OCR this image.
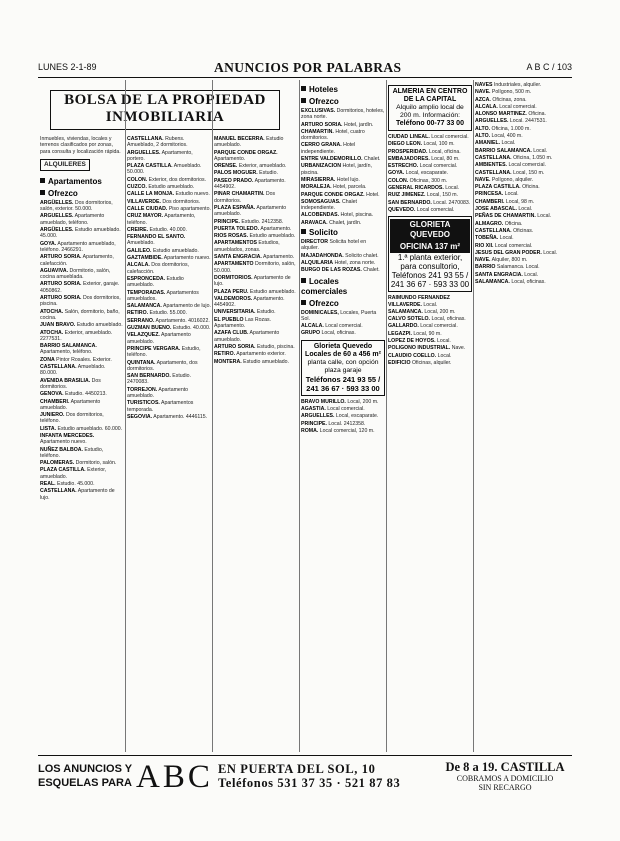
LUNES 2-1-89	ANUNCIOS POR PALABRAS	A B C / 103
BOLSA DE LA PROPIEDAD
INMOBILIARIA

Inmuebles, viviendas, locales y terrenos clasificados por zonas, para consulta y localización rápida.

ALQUILERES
Apartamentos
Ofrezco

ARGÜELLES. Dos dormitorios, salón, exterior. 50.000.

ARGUELLES. Apartamento amueblado, teléfono.

ARGÜELLES. Estudio amueblado. 45.000.

GOYA. Apartamento amueblado, teléfono. 2466291.

ARTURO SORIA. Apartamento, calefacción.

AGUAVIVA. Dormitorio, salón, cocina amueblada.

ARTURO SORIA. Exterior, garaje. 4050862.

ARTURO SORIA. Dos dormitorios, piscina.

ATOCHA. Salón, dormitorio, baño, cocina.

JUAN BRAVO. Estudio amueblado.

ATOCHA. Exterior, amueblado. 2277531.

BARRIO SALAMANCA. Apartamento, teléfono.

ZONA Pintor Rosales. Exterior.

CASTELLANA. Amueblado. 80.000.

AVENIDA BRASILIA. Dos dormitorios.

GENOVA. Estudio. 4450213.

CHAMBERI. Apartamento amueblado.

JUNIERO. Dos dormitorios, teléfono.

LISTA. Estudio amueblado. 60.000.

INFANTA MERCEDES. Apartamento nuevo.

NUÑEZ BALBOA. Estudio, teléfono.

PALOMERAS. Dormitorio, salón.

PLAZA CASTILLA. Exterior, amueblado.

REAL. Estudio. 45.000.

CASTELLANA. Apartamento de lujo.

CASTELLANA. Rubens. Amueblado, 2 dormitorios.

ARGUELLES. Apartamento, portero.

PLAZA CASTILLA. Amueblado. 50.000.

COLON. Exterior, dos dormitorios.

CUZCO. Estudio amueblado.

CALLE LA MONJA. Estudio nuevo.

VILLAVERDE. Dos dormitorios.

CALLE CIUDAD. Piso apartamento.

CRUZ MAYOR. Apartamento, teléfono.

CREIRE. Estudio. 40.000.

FERNANDO EL SANTO. Amueblado.

GALILEO. Estudio amueblado.

GAZTAMBIDE. Apartamento nuevo.

ALCALA. Dos dormitorios, calefacción.

ESPRONCEDA. Estudio amueblado.

TEMPORADAS. Apartamentos amueblados.

SALAMANCA. Apartamento de lujo.

RETIRO. Estudio. 55.000.

SERRANO. Apartamento. 4016022.

GUZMAN BUENO. Estudio. 40.000.

VELAZQUEZ. Apartamento amueblado.

PRINCIPE VERGARA. Estudio, teléfono.

QUINTANA. Apartamento, dos dormitorios.

SAN BERNARDO. Estudio. 2470083.

TORREJON. Apartamento amueblado.

TURISTICOS. Apartamentos temporada.

SEGOVIA. Apartamento. 4446115.

MANUEL BECERRA. Estudio amueblado.

PARQUE CONDE ORGAZ. Apartamento.

ORENSE. Exterior, amueblado.

PALOS MOGUER. Estudio.

PASEO PRADO. Apartamento. 4454902.

PINAR CHAMARTIN. Dos dormitorios.

PLAZA ESPAÑA. Apartamento amueblado.

PRINCIPE. Estudio. 2412358.

PUERTA TOLEDO. Apartamento.

RIOS ROSAS. Estudio amueblado.

APARTAMENTOS Estudios, amueblados, zonas.

SANTA ENGRACIA. Apartamento.

APARTAMENTO Dormitorio, salón, 50.000.

DORMITORIOS. Apartamento de lujo.

PLAZA PERU. Estudio amueblado.

VALDEMOROS. Apartamento. 4454902.

UNIVERSITARIA. Estudio.

EL PUEBLO Las Rozas. Apartamento.

AZAFA CLUB. Apartamento amueblado.

ARTURO SORIA. Estudio, piscina.

RETIRO. Apartamento exterior.

MONTERA. Estudio amueblado.

Hoteles
Ofrezco

EXCLUSIVAS. Dormitorios, hoteles, zona norte.

ARTURO SORIA. Hotel, jardín.

CHAMARTIN. Hotel, cuatro dormitorios.

CERRO GRANA. Hotel independiente.

ENTRE VALDEMORILLO. Chalet.

URBANIZACION Hotel, jardín, piscina.

MIRASIERRA. Hotel lujo.

MORALEJA. Hotel, parcela.

PARQUE CONDE ORGAZ. Hotel.

SOMOSAGUAS. Chalet independiente.

ALCOBENDAS. Hotel, piscina.

ARAVACA. Chalet, jardín.

Solicito

DIRECTOR Solicita hotel en alquiler.

MAJADAHONDA. Solicito chalet.

ALQUILARIA Hotel, zona norte.

BURGO DE LAS ROZAS. Chalet.

Locales comerciales
Ofrezco

DOMINICALES, Locales, Puerta Sol.

ALCALA. Local comercial.

GRUPO Local, oficinas.

Glorieta Quevedo
Locales de 60 a 456 m²
planta calle, con opción plaza garaje
Teléfonos 241 93 55 / 241 36 67 · 593 33 00

BRAVO MURILLO. Local, 200 m.

AGASTIA. Local comercial.

ARGUELLES. Local, escaparate.

PRINCIPE. Local. 2412358.

ROMA. Local comercial, 120 m.

ALMERIA EN CENTRO DE LA CAPITAL
Alquilo amplio local de 200 m. Información:
Teléfono 00-77 33 00

CIUDAD LINEAL. Local comercial.

DIEGO LEON. Local, 100 m.

PROSPERIDAD. Local, oficina.

EMBAJADORES. Local, 80 m.

ESTRECHO. Local comercial.

GOYA. Local, escaparate.

COLON. Oficinas, 300 m.

GENERAL RICARDOS. Local.

RUIZ JIMENEZ. Local, 150 m.

SAN BERNARDO. Local. 2470083.

QUEVEDO. Local comercial.

GLORIETA QUEVEDO
OFICINA 137 m²
1.ª planta exterior, para consultorio,
Teléfonos 241 93 55 / 241 36 67 · 593 33 00

RAIMUNDO FERNANDEZ VILLAVERDE. Local.

SALAMANCA. Local, 200 m.

CALVO SOTELO. Local, oficinas.

GALLARDO. Local comercial.

LEGAZPI. Local, 90 m.

LOPEZ DE HOYOS. Local.

POLIGONO INDUSTRIAL. Nave.

CLAUDIO COELLO. Local.

EDIFICIO Oficinas, alquiler.

NAVES Industriales, alquiler.

NAVE. Polígono, 500 m.

AZCA. Oficinas, zona.

ALCALA. Local comercial.

ALONSO MARTINEZ. Oficina.

ARGUELLES. Local. 2447531.

ALTO. Oficina, 1.000 m.

ALTO. Local, 400 m.

AMANIEL. Local.

BARRIO SALAMANCA. Local.

CASTELLANA. Oficina, 1.050 m.

AMBIENTES. Local comercial.

CASTELLANA. Local, 150 m.

NAVE. Polígono, alquiler.

PLAZA CASTILLA. Oficina.

PRINCESA. Local.

CHAMBERI. Local, 98 m.

JOSE ABASCAL. Local.

PEÑAS DE CHAMARTIN. Local.

ALMAGRO. Oficina.

CASTELLANA. Oficinas.

TOBEÑA. Local.

RIO XII. Local comercial.

JESUS DEL GRAN PODER. Local.

NAVE. Alquiler, 800 m.

BARRIO Salamanca. Local.

SANTA ENGRACIA. Local.

SALAMANCA. Local, oficinas.

LOS ANUNCIOS Y
ESQUELAS PARA ABC EN PUERTA DEL SOL, 10
Teléfonos 531 37 35 · 521 87 83
De 8 a 19. CASTILLA
COBRAMOS A DOMICILIO
SIN RECARGO
